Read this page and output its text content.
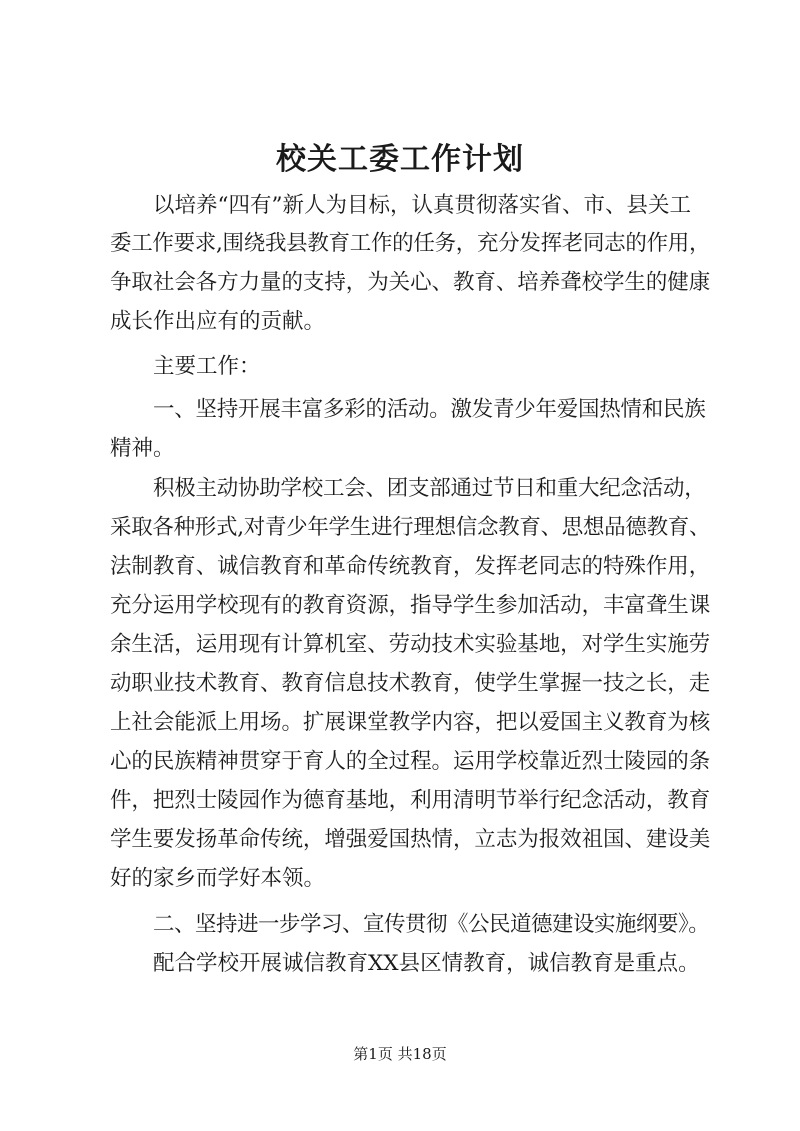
校关工委工作计划
以培养“四有”新人为目标，认真贯彻落实省、市、县关工
委工作要求,围绕我县教育工作的任务，充分发挥老同志的作用，
争取社会各方力量的支持，为关心、教育、培养聋校学生的健康
成长作出应有的贡献。
主要工作：
一、坚持开展丰富多彩的活动。激发青少年爱国热情和民族
精神。
积极主动协助学校工会、团支部通过节日和重大纪念活动，
采取各种形式,对青少年学生进行理想信念教育、思想品德教育、
法制教育、诚信教育和革命传统教育，发挥老同志的特殊作用，
充分运用学校现有的教育资源，指导学生参加活动，丰富聋生课
余生活，运用现有计算机室、劳动技术实验基地，对学生实施劳
动职业技术教育、教育信息技术教育，使学生掌握一技之长，走
上社会能派上用场。扩展课堂教学内容，把以爱国主义教育为核
心的民族精神贯穿于育人的全过程。运用学校靠近烈士陵园的条
件，把烈士陵园作为德育基地，利用清明节举行纪念活动，教育
学生要发扬革命传统，增强爱国热情，立志为报效祖国、建设美
好的家乡而学好本领。
二、坚持进一步学习、宣传贯彻《公民道德建设实施纲要》。
配合学校开展诚信教育XX县区情教育，诚信教育是重点。
第1页 共18页
